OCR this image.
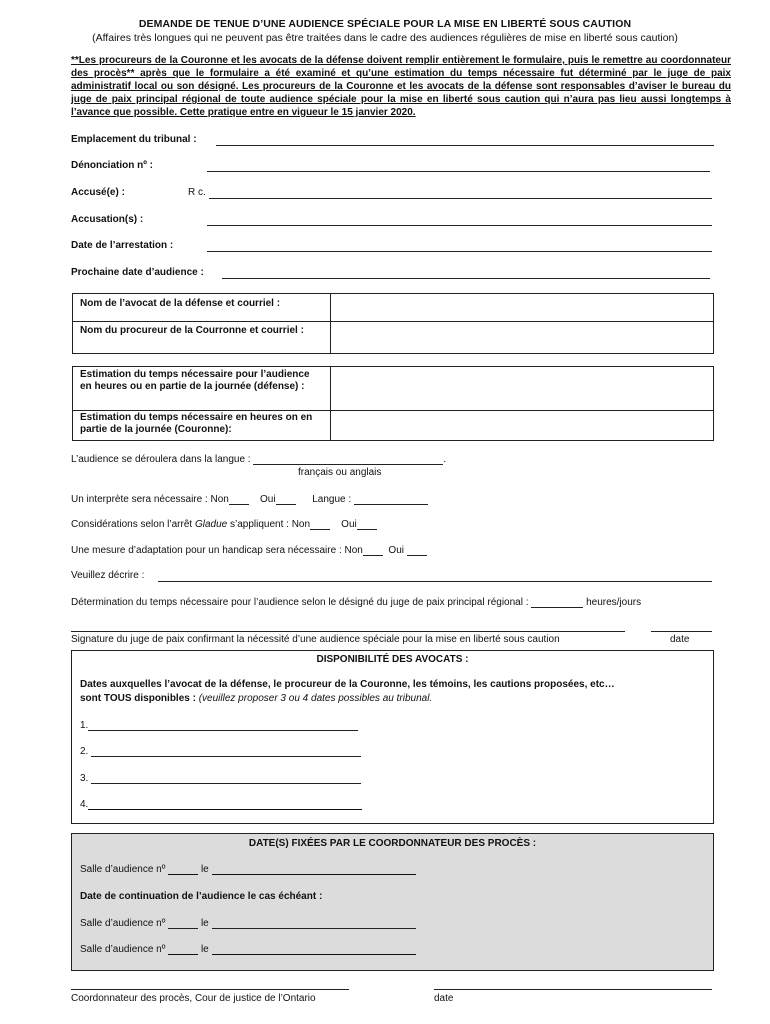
DEMANDE DE TENUE D’UNE AUDIENCE SPÉCIALE POUR LA MISE EN LIBERTÉ SOUS CAUTION
(Affaires très longues qui ne peuvent pas être traitées dans le cadre des audiences régulières de mise en liberté sous caution)
**Les procureurs de la Couronne et les avocats de la défense doivent remplir entièrement le formulaire, puis le remettre au coordonnateur des procès** après que le formulaire a été examiné et qu’une estimation du temps nécessaire fut déterminé par le juge de paix administratif local ou son désigné. Les procureurs de la Couronne et les avocats de la défense sont responsables d’aviser le bureau du juge de paix principal régional de toute audience spéciale pour la mise en liberté sous caution qui n’aura pas lieu aussi longtemps à l’avance que possible. Cette pratique entre en vigueur le 15 janvier 2020.
Emplacement du tribunal :
Dénonciation nº :
Accusé(e) :	R c.
Accusation(s) :
Date de l’arrestation :
Prochaine date d’audience :
Nom de l’avocat de la défense et courriel :	
Nom du procureur de la Courronne et courriel :	
Estimation du temps nécessaire pour l’audience en heures ou en partie de la journée (défense) :	
Estimation du temps nécessaire en heures on en partie de la journée (Couronne):	
L’audience se déroulera dans la langue :	.
français ou anglais
Un interprète sera nécessaire : Non	Oui	Langue :
Considérations selon l’arrêt Gladue s’appliquent : Non	Oui
Une mesure d’adaptation pour un handicap sera nécessaire : Non	Oui
Veuillez décrire :
Détermination du temps nécessaire pour l’audience selon le désigné du juge de paix principal régional :	heures/jours
Signature du juge de paix confirmant la nécessité d’une audience spéciale pour la mise en liberté sous caution	date
DISPONIBILITÉ DES AVOCATS :
Dates auxquelles l’avocat de la défense, le procureur de la Couronne, les témoins, les cautions proposées, etc…
sont TOUS disponibles : (veuillez proposer 3 ou 4 dates possibles au tribunal.
1.
2.
3.
4.
DATE(S) FIXÉES PAR LE COORDONNATEUR DES PROCÈS :
Salle d’audience nº	le
Date de continuation de l’audience le cas échéant :
Salle d’audience nº	le
Salle d’audience nº	le
Coordonnateur des procès, Cour de justice de l’Ontario	date
